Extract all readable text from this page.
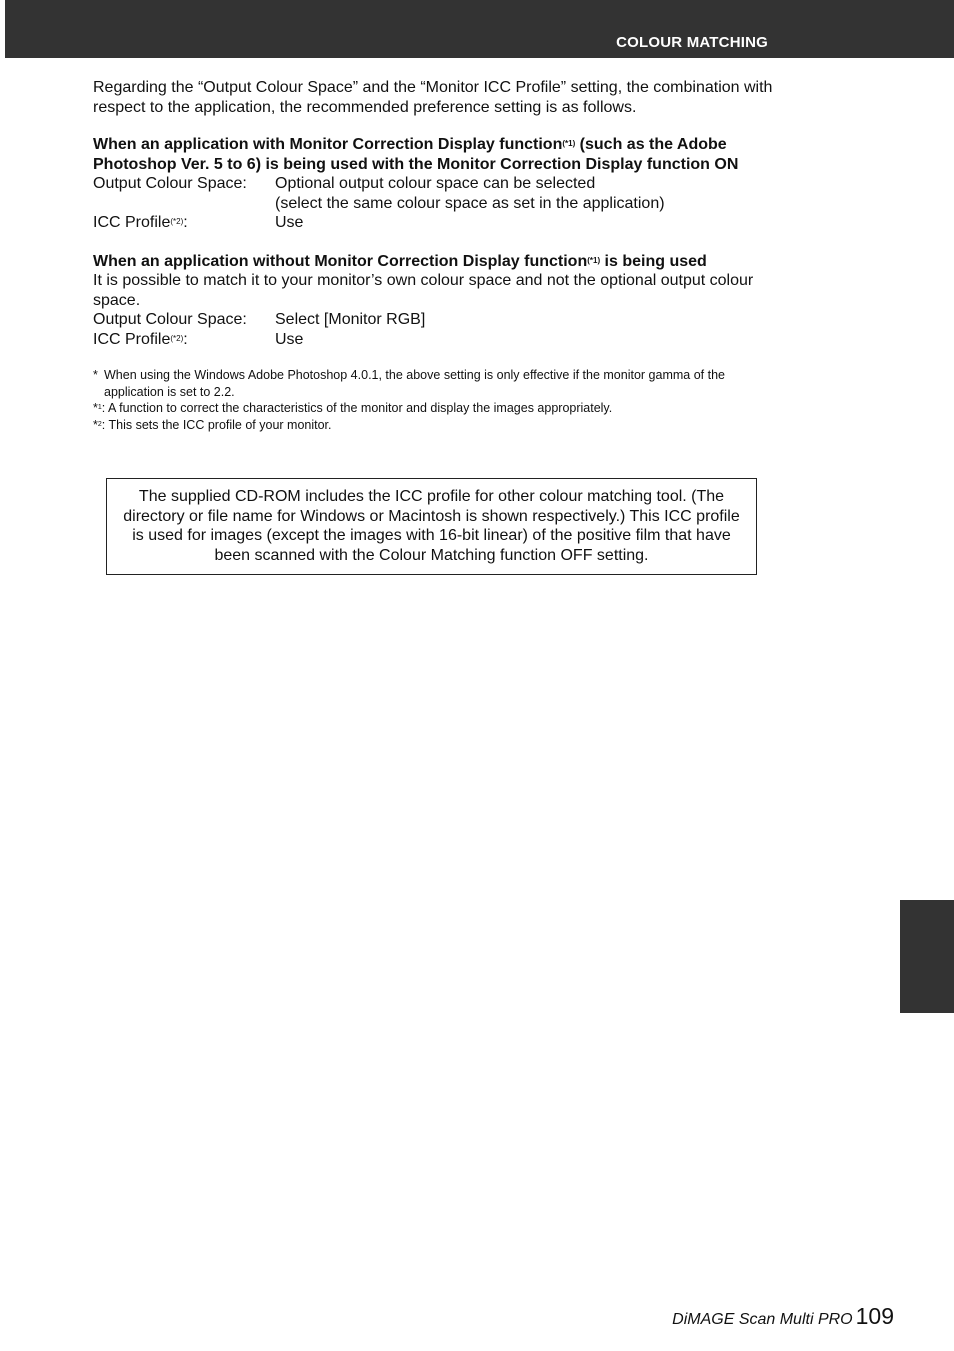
COLOUR MATCHING

Regarding the “Output Colour Space” and the “Monitor ICC Profile” setting, the combination with respect to the application, the recommended preference setting is as follows.

When an application with Monitor Correction Display function$^{(*1)}$ (such as the Adobe Photoshop Ver. 5 to 6) is being used with the Monitor Correction Display function ON

Output Colour Space:	Optional output colour space can be selected
(select the same colour space as set in the application)
ICC Profile$^{(*2)}$:	Use

When an application without Monitor Correction Display function$^{(*1)}$ is being used

It is possible to match it to your monitor’s own colour space and not the optional output colour space.

Output Colour Space:	Select [Monitor RGB]
ICC Profile$^{(*2)}$:	Use
* When using the Windows Adobe Photoshop 4.0.1, the above setting is only effective if the monitor gamma of the application is set to 2.2.
*$^1$ : A function to correct the characteristics of the monitor and display the images appropriately.
*$^2$ : This sets the ICC profile of your monitor.
The supplied CD-ROM includes the ICC profile for other colour matching tool. (The directory or file name for Windows or Macintosh is shown respectively.) This ICC profile is used for images (except the images with 16-bit linear) of the positive film that have been scanned with the Colour Matching function OFF setting.
DiMAGE Scan Multi PRO 109
